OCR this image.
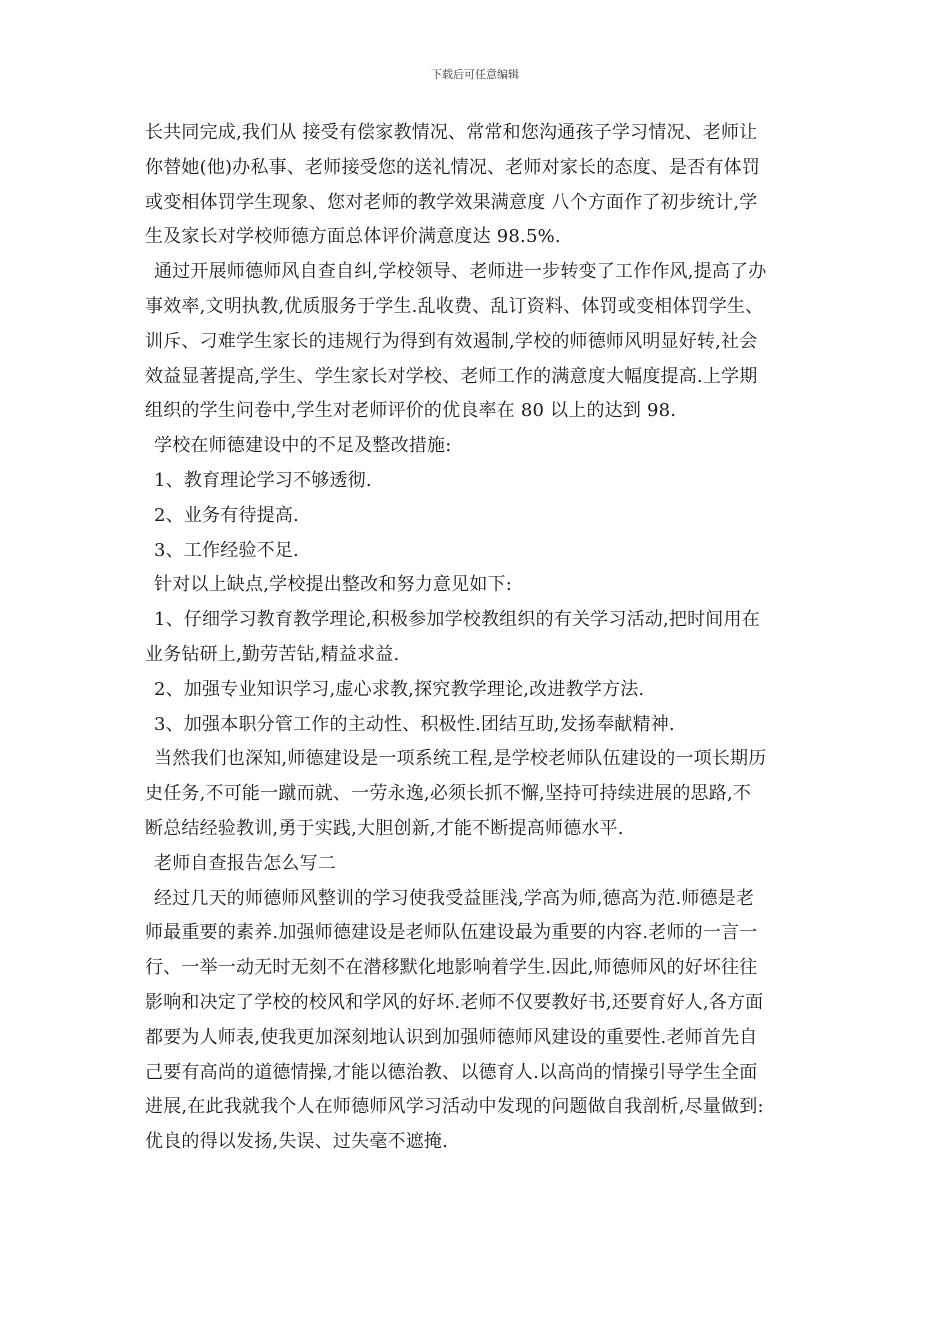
下载后可任意编辑
长共同完成,我们从 接受有偿家教情况、常常和您沟通孩子学习情况、老师让
你替她(他)办私事、老师接受您的送礼情况、老师对家长的态度、是否有体罚
或变相体罚学生现象、您对老师的教学效果满意度 八个方面作了初步统计,学
生及家长对学校师德方面总体评价满意度达 98.5%.
通过开展师德师风自查自纠,学校领导、老师进一步转变了工作作风,提高了办
事效率,文明执教,优质服务于学生.乱收费、乱订资料、体罚或变相体罚学生、
训斥、刁难学生家长的违规行为得到有效遏制,学校的师德师风明显好转,社会
效益显著提高,学生、学生家长对学校、老师工作的满意度大幅度提高.上学期
组织的学生问卷中,学生对老师评价的优良率在 80 以上的达到 98.
学校在师德建设中的不足及整改措施:
1、教育理论学习不够透彻.
2、业务有待提高.
3、工作经验不足.
针对以上缺点,学校提出整改和努力意见如下:
1、仔细学习教育教学理论,积极参加学校教组织的有关学习活动,把时间用在
业务钻研上,勤劳苦钻,精益求益.
2、加强专业知识学习,虚心求教,探究教学理论,改进教学方法.
3、加强本职分管工作的主动性、积极性.团结互助,发扬奉献精神.
当然我们也深知,师德建设是一项系统工程,是学校老师队伍建设的一项长期历
史任务,不可能一蹴而就、一劳永逸,必须长抓不懈,坚持可持续进展的思路,不
断总结经验教训,勇于实践,大胆创新,才能不断提高师德水平.
老师自查报告怎么写二
经过几天的师德师风整训的学习使我受益匪浅,学高为师,德高为范.师德是老
师最重要的素养.加强师德建设是老师队伍建设最为重要的内容.老师的一言一
行、一举一动无时无刻不在潜移默化地影响着学生.因此,师德师风的好坏往往
影响和决定了学校的校风和学风的好坏.老师不仅要教好书,还要育好人,各方面
都要为人师表,使我更加深刻地认识到加强师德师风建设的重要性.老师首先自
己要有高尚的道德情操,才能以德治教、以德育人.以高尚的情操引导学生全面
进展,在此我就我个人在师德师风学习活动中发现的问题做自我剖析,尽量做到:
优良的得以发扬,失误、过失毫不遮掩.
